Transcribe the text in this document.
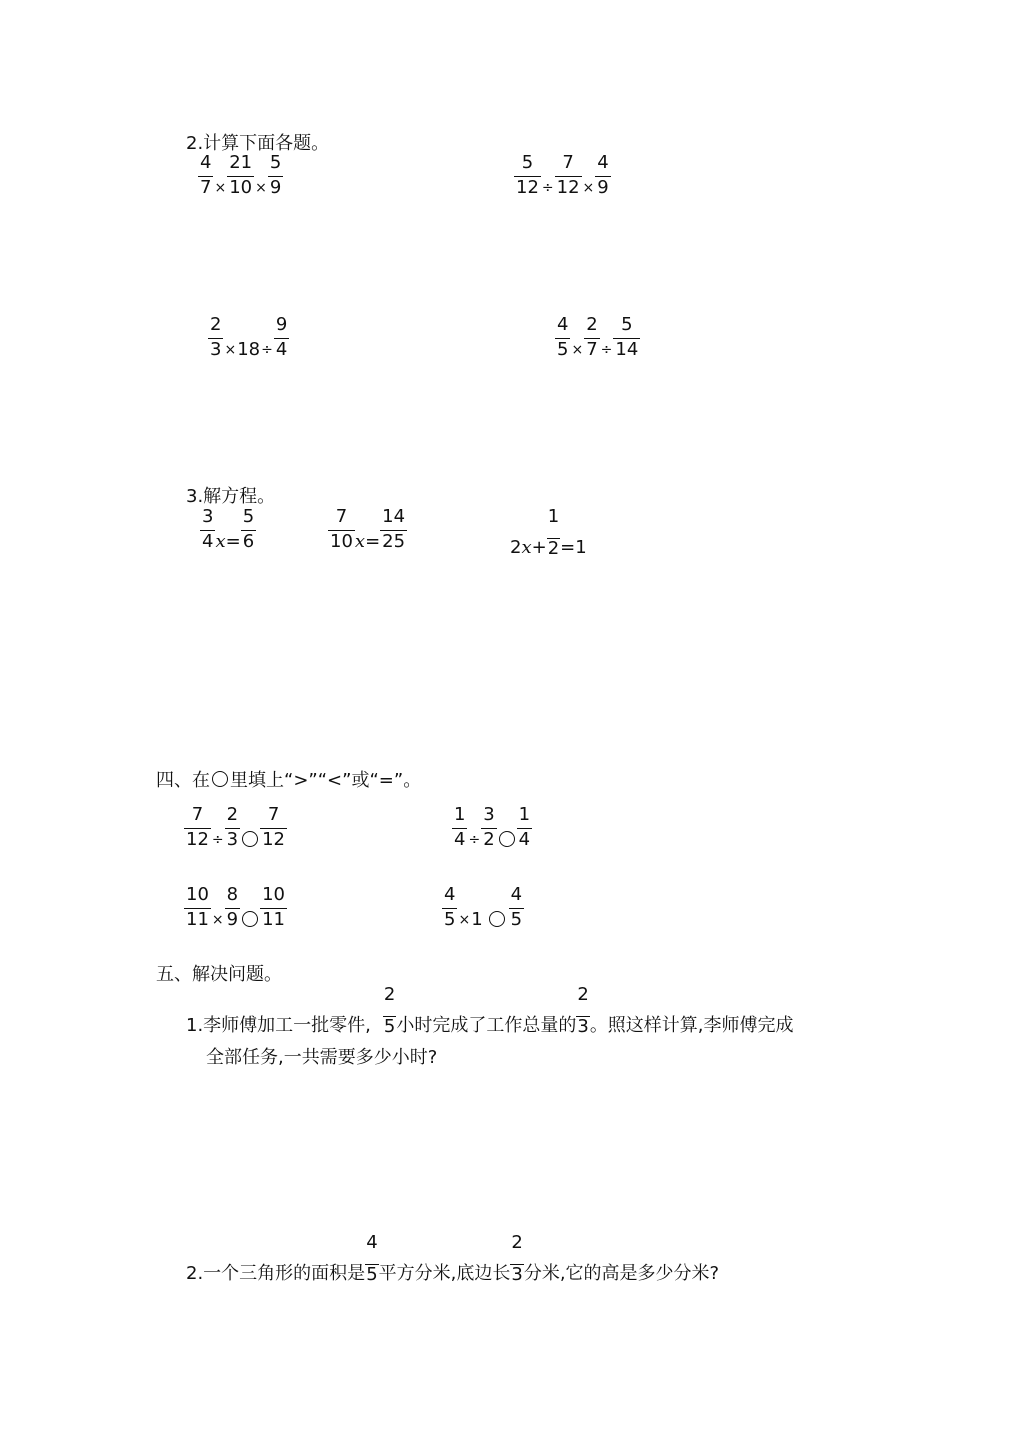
2.计算下面各题。
$\frac{4}{7} \times \frac{21}{10} \times \frac{5}{9}$	$\frac{5}{12} \div \frac{7}{12} \times \frac{4}{9}$
$\frac{2}{3} \times 18 \div \frac{9}{4}$	$\frac{4}{5} \times \frac{2}{7} \div \frac{5}{14}$
3.解方程。
$\frac{3}{4}$ $x = \frac{5}{6}$	$\frac{7}{10}$ $x = \frac{14}{25}$	2 $x + \frac{1}{2} =1$
四、在 里填上“>”“<”或“=”。
$\frac{7}{12} \div \frac{2}{3} \frac{7}{12}$	$\frac{1}{4} \div \frac{3}{2} \frac{1}{4}$
$\frac{10}{11} \times \frac{8}{9} \frac{10}{11}$	$\frac{4}{5} \times 1 \frac{4}{5}$
五、解决问题。
1.李师傅加工一批零件, $\frac{2}{5}$ 小时完成了工作总量的 $\frac{2}{3}$ 。照这样计算,李师傅完成
全部任务,一共需要多少小时?
2.一个三角形的面积是 $\frac{4}{5}$ 平方分米,底边长 $\frac{2}{3}$ 分米,它的高是多少分米?
